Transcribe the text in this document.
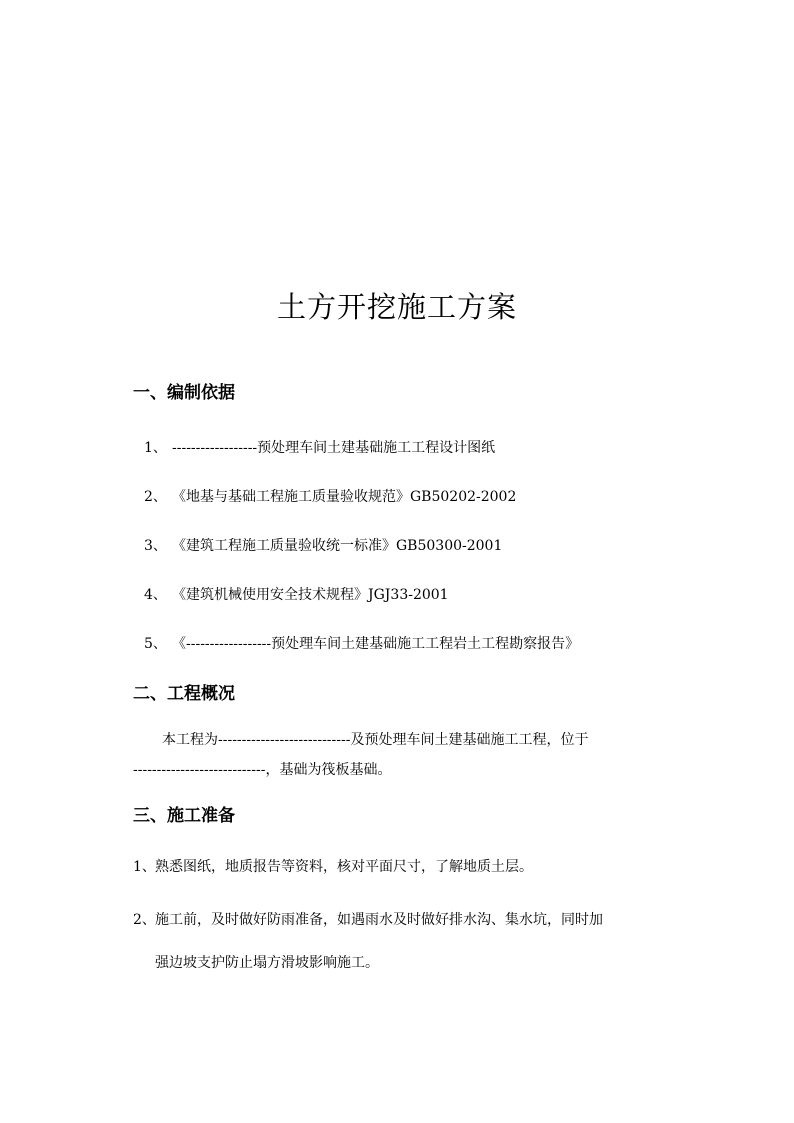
土方开挖施工方案
一、编制依据
1、 ------------------预处理车间土建基础施工工程设计图纸
2、 《地基与基础工程施工质量验收规范》GB50202-2002
3、 《建筑工程施工质量验收统一标准》GB50300-2001
4、 《建筑机械使用安全技术规程》JGJ33-2001
5、 《------------------预处理车间土建基础施工工程岩土工程勘察报告》
二、工程概况
本工程为----------------------------及预处理车间土建基础施工工程，位于
----------------------------，基础为筏板基础。
三、施工准备
1、熟悉图纸，地质报告等资料，核对平面尺寸，了解地质土层。
2、施工前，及时做好防雨准备，如遇雨水及时做好排水沟、集水坑，同时加
强边坡支护防止塌方滑坡影响施工。
